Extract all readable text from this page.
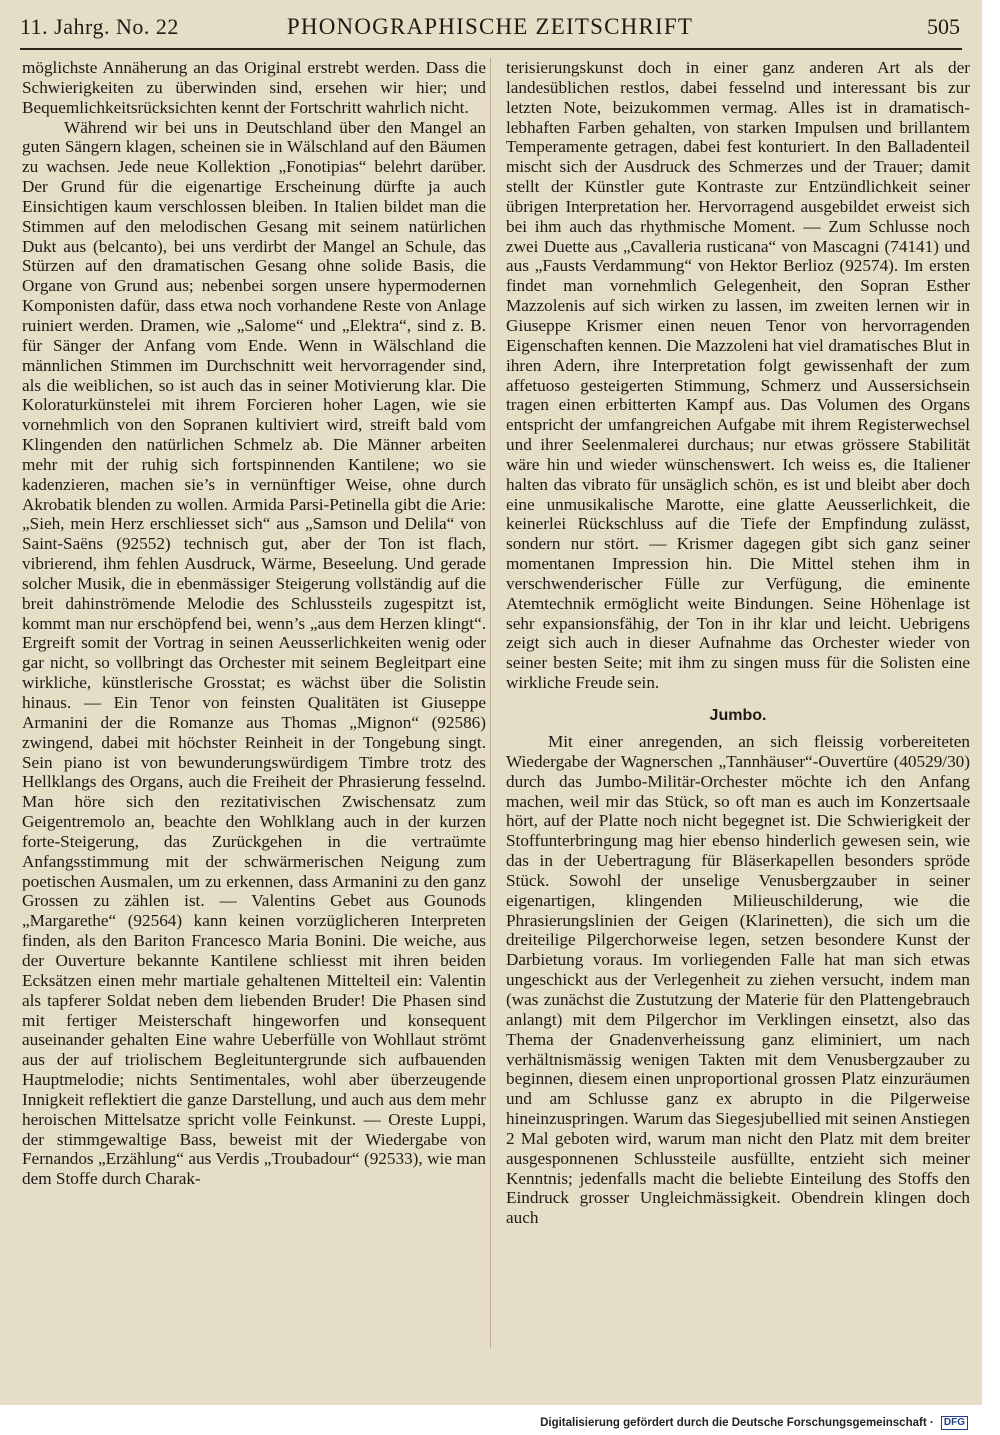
11. Jahrg. No. 22	PHONOGRAPHISCHE ZEITSCHRIFT	505

möglichste Annäherung an das Original erstrebt werden. Dass die Schwierigkeiten zu überwinden sind, ersehen wir hier; und Bequemlichkeitsrücksichten kennt der Fortschritt wahrlich nicht.

Während wir bei uns in Deutschland über den Mangel an guten Sängern klagen, scheinen sie in Wälschland auf den Bäumen zu wachsen. Jede neue Kollektion „Fonotipias“ belehrt darüber. Der Grund für die eigenartige Erscheinung dürfte ja auch Einsichtigen kaum verschlossen bleiben. In Italien bildet man die Stimmen auf den melodischen Gesang mit seinem natürlichen Dukt aus (belcanto), bei uns verdirbt der Mangel an Schule, das Stürzen auf den dramatischen Gesang ohne solide Basis, die Organe von Grund aus; nebenbei sorgen unsere hypermodernen Komponisten dafür, dass etwa noch vorhandene Reste von Anlage ruiniert werden. Dramen, wie „Salome“ und „Elektra“, sind z. B. für Sänger der Anfang vom Ende. Wenn in Wälschland die männlichen Stimmen im Durchschnitt weit hervorragender sind, als die weiblichen, so ist auch das in seiner Motivierung klar. Die Koloraturkünstelei mit ihrem Forcieren hoher Lagen, wie sie vornehmlich von den Sopranen kultiviert wird, streift bald vom Klingenden den natürlichen Schmelz ab. Die Männer arbeiten mehr mit der ruhig sich fortspinnenden Kantilene; wo sie kadenzieren, machen sie’s in vernünftiger Weise, ohne durch Akrobatik blenden zu wollen. Armida Parsi-Petinella gibt die Arie: „Sieh, mein Herz erschliesset sich“ aus „Samson und Delila“ von Saint-Saëns (92552) technisch gut, aber der Ton ist flach, vibrierend, ihm fehlen Ausdruck, Wärme, Beseelung. Und gerade solcher Musik, die in ebenmässiger Steigerung vollständig auf die breit dahinströmende Melodie des Schlussteils zugespitzt ist, kommt man nur erschöpfend bei, wenn’s „aus dem Herzen klingt“. Ergreift somit der Vortrag in seinen Aeusserlichkeiten wenig oder gar nicht, so vollbringt das Orchester mit seinem Begleitpart eine wirkliche, künstlerische Grosstat; es wächst über die Solistin hinaus. — Ein Tenor von feinsten Qualitäten ist Giuseppe Armanini der die Romanze aus Thomas „Mignon“ (92586) zwingend, dabei mit höchster Reinheit in der Tongebung singt. Sein piano ist von bewunderungswürdigem Timbre trotz des Hellklangs des Organs, auch die Freiheit der Phrasierung fesselnd. Man höre sich den rezitativischen Zwischensatz zum Geigentremolo an, beachte den Wohlklang auch in der kurzen forte-Steigerung, das Zurückgehen in die vertraümte Anfangsstimmung mit der schwärmerischen Neigung zum poetischen Ausmalen, um zu erkennen, dass Armanini zu den ganz Grossen zu zählen ist. — Valentins Gebet aus Gounods „Margarethe“ (92564) kann keinen vorzüglicheren Interpreten finden, als den Bariton Francesco Maria Bonini. Die weiche, aus der Ouverture bekannte Kantilene schliesst mit ihren beiden Ecksätzen einen mehr martiale gehaltenen Mittelteil ein: Valentin als tapferer Soldat neben dem liebenden Bruder! Die Phasen sind mit fertiger Meisterschaft hingeworfen und konsequent auseinander gehalten Eine wahre Ueberfülle von Wohllaut strömt aus der auf triolischem Begleituntergrunde sich aufbauenden Hauptmelodie; nichts Sentimentales, wohl aber überzeugende Innigkeit reflektiert die ganze Darstellung, und auch aus dem mehr heroischen Mittelsatze spricht volle Feinkunst. — Oreste Luppi, der stimmgewaltige Bass, beweist mit der Wiedergabe von Fernandos „Erzählung“ aus Verdis „Troubadour“ (92533), wie man dem Stoffe durch Charak-

terisierungskunst doch in einer ganz anderen Art als der landesüblichen restlos, dabei fesselnd und interessant bis zur letzten Note, beizukommen vermag. Alles ist in dramatisch-lebhaften Farben gehalten, von starken Impulsen und brillantem Temperamente getragen, dabei fest konturiert. In den Balladenteil mischt sich der Ausdruck des Schmerzes und der Trauer; damit stellt der Künstler gute Kontraste zur Entzündlichkeit seiner übrigen Interpretation her. Hervorragend ausgebildet erweist sich bei ihm auch das rhythmische Moment. — Zum Schlusse noch zwei Duette aus „Cavalleria rusticana“ von Mascagni (74141) und aus „Fausts Verdammung“ von Hektor Berlioz (92574). Im ersten findet man vornehmlich Gelegenheit, den Sopran Esther Mazzolenis auf sich wirken zu lassen, im zweiten lernen wir in Giuseppe Krismer einen neuen Tenor von hervorragenden Eigenschaften kennen. Die Mazzoleni hat viel dramatisches Blut in ihren Adern, ihre Interpretation folgt gewissenhaft der zum affetuoso gesteigerten Stimmung, Schmerz und Aussersichsein tragen einen erbitterten Kampf aus. Das Volumen des Organs entspricht der umfangreichen Aufgabe mit ihrem Registerwechsel und ihrer Seelenmalerei durchaus; nur etwas grössere Stabilität wäre hin und wieder wünschenswert. Ich weiss es, die Italiener halten das vibrato für unsäglich schön, es ist und bleibt aber doch eine unmusikalische Marotte, eine glatte Aeusserlichkeit, die keinerlei Rückschluss auf die Tiefe der Empfindung zulässt, sondern nur stört. — Krismer dagegen gibt sich ganz seiner momentanen Impression hin. Die Mittel stehen ihm in verschwenderischer Fülle zur Verfügung, die eminente Atemtechnik ermöglicht weite Bindungen. Seine Höhenlage ist sehr expansionsfähig, der Ton in ihr klar und leicht. Uebrigens zeigt sich auch in dieser Aufnahme das Orchester wieder von seiner besten Seite; mit ihm zu singen muss für die Solisten eine wirkliche Freude sein.

Jumbo.

Mit einer anregenden, an sich fleissig vorbereiteten Wiedergabe der Wagnerschen „Tannhäuser“-Ouvertüre (40529/30) durch das Jumbo-Militär-Orchester möchte ich den Anfang machen, weil mir das Stück, so oft man es auch im Konzertsaale hört, auf der Platte noch nicht begegnet ist. Die Schwierigkeit der Stoffunterbringung mag hier ebenso hinderlich gewesen sein, wie das in der Uebertragung für Bläserkapellen besonders spröde Stück. Sowohl der unselige Venusbergzauber in seiner eigenartigen, klingenden Milieuschilderung, wie die Phrasierungslinien der Geigen (Klarinetten), die sich um die dreiteilige Pilgerchorweise legen, setzen besondere Kunst der Darbietung voraus. Im vorliegenden Falle hat man sich etwas ungeschickt aus der Verlegenheit zu ziehen versucht, indem man (was zunächst die Zustutzung der Materie für den Plattengebrauch anlangt) mit dem Pilgerchor im Verklingen einsetzt, also das Thema der Gnadenverheissung ganz eliminiert, um nach verhältnismässig wenigen Takten mit dem Venusbergzauber zu beginnen, diesem einen unproportional grossen Platz einzuräumen und am Schlusse ganz ex abrupto in die Pilgerweise hineinzuspringen. Warum das Siegesjubellied mit seinen Anstiegen 2 Mal geboten wird, warum man nicht den Platz mit dem breiter ausgesponnenen Schlussteile ausfüllte, entzieht sich meiner Kenntnis; jedenfalls macht die beliebte Einteilung des Stoffs den Eindruck grosser Ungleichmässigkeit. Obendrein klingen doch auch

Digitalisierung gefördert durch die Deutsche Forschungsgemeinschaft · DFG
